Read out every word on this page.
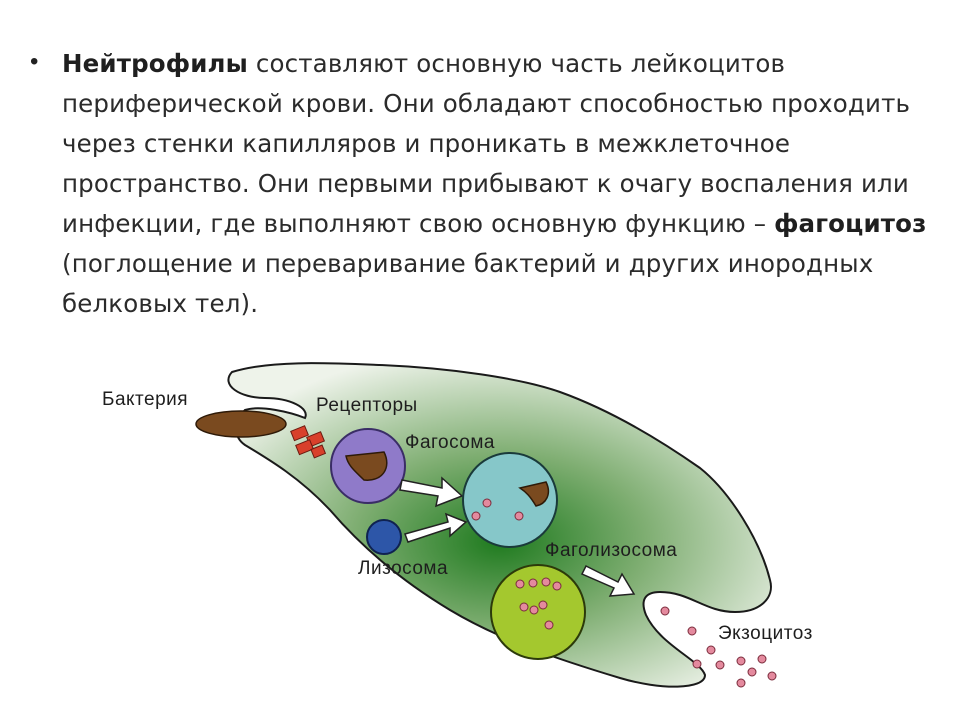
• Нейтрофилы составляют основную часть лейкоцитов периферической крови. Они обладают способностью проходить через стенки капилляров и проникать в межклеточное пространство. Они первыми прибывают к очагу воспаления или инфекции, где выполняют свою основную функцию – фагоцитоз (поглощение и переваривание бактерий и других инородных белковых тел).
Бактерия	Рецепторы
Фагосома
Лизосома
Фаголизосома
Экзоцитоз
